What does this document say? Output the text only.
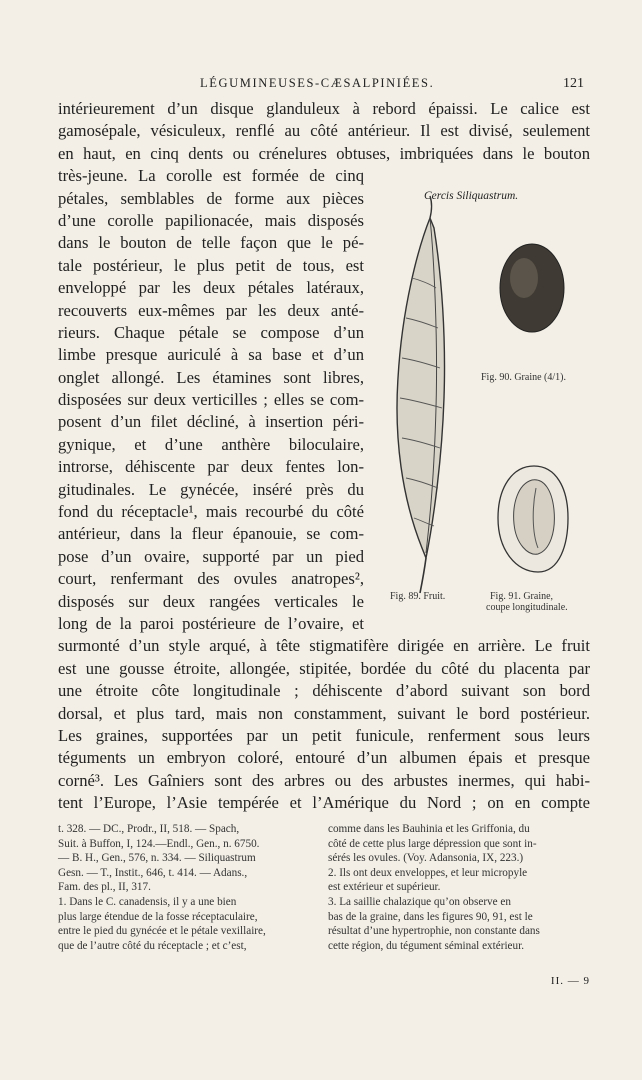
LÉGUMINEUSES-CÆSALPINIÉES.	121
intérieurement d’un disque glanduleux à rebord épaissi. Le calice est
gamosépale, vésiculeux, renflé au côté antérieur. Il est divisé, seulement
en haut, en cinq dents ou crénelures obtuses, imbriquées dans le bouton
très-jeune. La corolle est formée de cinq
pétales, semblables de forme aux pièces
d’une corolle papilionacée, mais disposés
dans le bouton de telle façon que le pé-
tale postérieur, le plus petit de tous, est
enveloppé par les deux pétales latéraux,
recouverts eux-mêmes par les deux anté-
rieurs. Chaque pétale se compose d’un
limbe presque auriculé à sa base et d’un
onglet allongé. Les étamines sont libres,
disposées sur deux verticilles ; elles se com-
posent d’un filet décliné, à insertion péri-
gynique, et d’une anthère biloculaire,
introrse, déhiscente par deux fentes lon-
gitudinales. Le gynécée, inséré près du
fond du réceptacle¹, mais recourbé du côté
antérieur, dans la fleur épanouie, se com-
pose d’un ovaire, supporté par un pied
court, renfermant des ovules anatropes²,
disposés sur deux rangées verticales le
long de la paroi postérieure de l’ovaire, et
surmonté d’un style arqué, à tête stigmatifère dirigée en arrière. Le fruit
est une gousse étroite, allongée, stipitée, bordée du côté du placenta par
une étroite côte longitudinale ; déhiscente d’abord suivant son bord
dorsal, et plus tard, mais non constamment, suivant le bord postérieur.
Les graines, supportées par un petit funicule, renferment sous leurs
téguments un embryon coloré, entouré d’un albumen épais et presque
corné³. Les Gaîniers sont des arbres ou des arbustes inermes, qui habi-
tent l’Europe, l’Asie tempérée et l’Amérique du Nord ; on en compte
Cercis Siliquastrum.
Fig. 90. Graine (4/1).
Fig. 89. Fruit.	Fig. 91. Graine,
coupe longitudinale.
t. 328. — DC., Prodr., II, 518. — Spach,
Suit. à Buffon, I, 124.—Endl., Gen., n. 6750.
— B. H., Gen., 576, n. 334. — Siliquastrum
Gesn. — T., Instit., 646, t. 414. — Adans.,
Fam. des pl., II, 317.
1. Dans le C. canadensis, il y a une bien
plus large étendue de la fosse réceptaculaire,
entre le pied du gynécée et le pétale vexillaire,
que de l’autre côté du réceptacle ; et c’est,
comme dans les Bauhinia et les Griffonia, du
côté de cette plus large dépression que sont in-
sérés les ovules. (Voy. Adansonia, IX, 223.)
2. Ils ont deux enveloppes, et leur micropyle
est extérieur et supérieur.
3. La saillie chalazique qu’on observe en
bas de la graine, dans les figures 90, 91, est le
résultat d’une hypertrophie, non constante dans
cette région, du tégument séminal extérieur.
II. — 9
